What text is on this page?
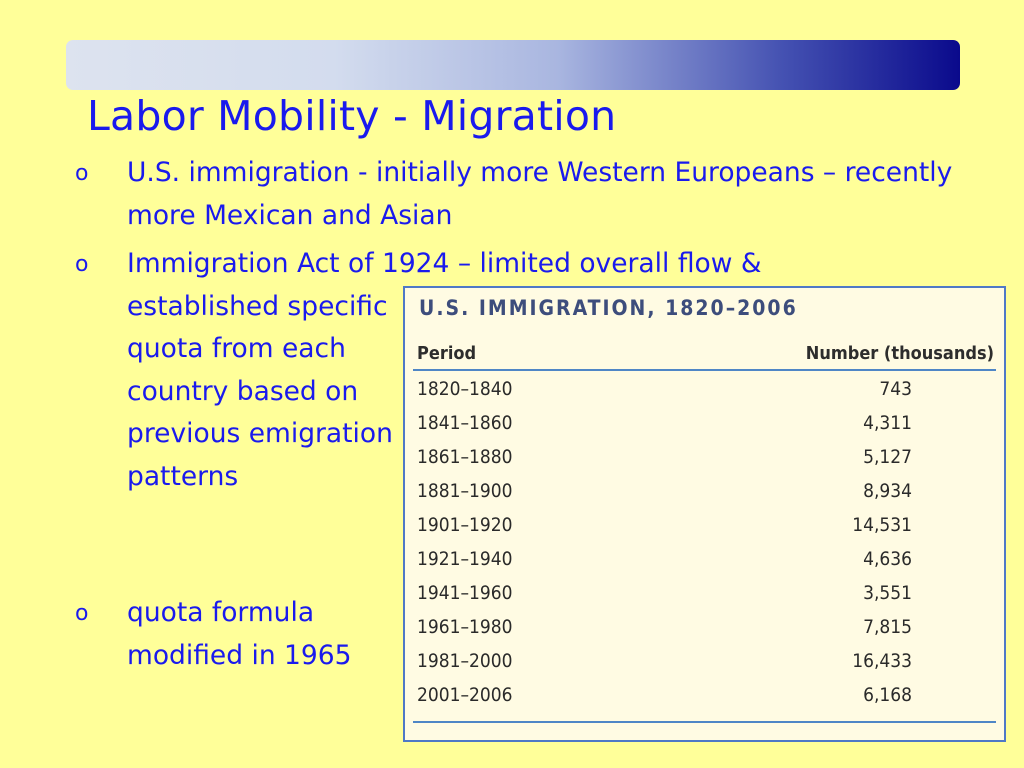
Labor Mobility - Migration
o U.S. immigration - initially more Western Europeans – recently more Mexican and Asian
o Immigration Act of 1924 – limited overall flow &
established specific quota from each country based on previous emigration patterns
o quota formula modified in 1965
U.S. IMMIGRATION, 1820–2006
Period	Number (thousands)
1820–1840	743
1841–1860	4,311
1861–1880	5,127
1881–1900	8,934
1901–1920	14,531
1921–1940	4,636
1941–1960	3,551
1961–1980	7,815
1981–2000	16,433
2001–2006	6,168
